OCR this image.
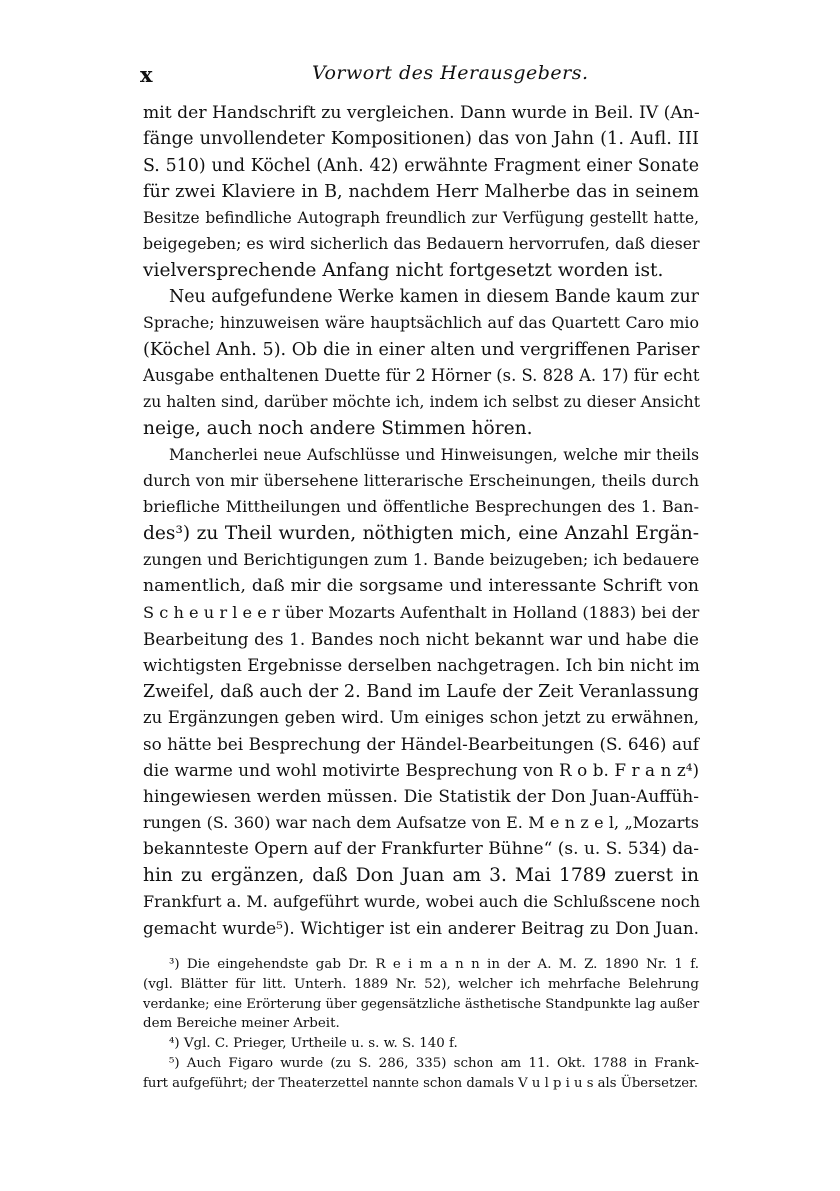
x	Vorwort des Herausgebers.
mit der Handschrift zu vergleichen. Dann wurde in Beil. IV (An-
fänge unvollendeter Kompositionen) das von Jahn (1. Aufl. III
S. 510) und Köchel (Anh. 42) erwähnte Fragment einer Sonate
für zwei Klaviere in B, nachdem Herr Malherbe das in seinem
Besitze befindliche Autograph freundlich zur Verfügung gestellt hatte,
beigegeben; es wird sicherlich das Bedauern hervorrufen, daß dieser
vielversprechende Anfang nicht fortgesetzt worden ist.
Neu aufgefundene Werke kamen in diesem Bande kaum zur
Sprache; hinzuweisen wäre hauptsächlich auf das Quartett Caro mio
(Köchel Anh. 5). Ob die in einer alten und vergriffenen Pariser
Ausgabe enthaltenen Duette für 2 Hörner (s. S. 828 A. 17) für echt
zu halten sind, darüber möchte ich, indem ich selbst zu dieser Ansicht
neige, auch noch andere Stimmen hören.
Mancherlei neue Aufschlüsse und Hinweisungen, welche mir theils
durch von mir übersehene litterarische Erscheinungen, theils durch
briefliche Mittheilungen und öffentliche Besprechungen des 1. Ban-
des³) zu Theil wurden, nöthigten mich, eine Anzahl Ergän-
zungen und Berichtigungen zum 1. Bande beizugeben; ich bedauere
namentlich, daß mir die sorgsame und interessante Schrift von
S c h e u r l e e r über Mozarts Aufenthalt in Holland (1883) bei der
Bearbeitung des 1. Bandes noch nicht bekannt war und habe die
wichtigsten Ergebnisse derselben nachgetragen. Ich bin nicht im
Zweifel, daß auch der 2. Band im Laufe der Zeit Veranlassung
zu Ergänzungen geben wird. Um einiges schon jetzt zu erwähnen,
so hätte bei Besprechung der Händel-Bearbeitungen (S. 646) auf
die warme und wohl motivirte Besprechung von R o b. F r a n z⁴)
hingewiesen werden müssen. Die Statistik der Don Juan-Auffüh-
rungen (S. 360) war nach dem Aufsatze von E. M e n z e l, „Mozarts
bekannteste Opern auf der Frankfurter Bühne“ (s. u. S. 534) da-
hin zu ergänzen, daß Don Juan am 3. Mai 1789 zuerst in
Frankfurt a. M. aufgeführt wurde, wobei auch die Schlußscene noch
gemacht wurde⁵). Wichtiger ist ein anderer Beitrag zu Don Juan.
³) Die eingehendste gab Dr. R e i m a n n in der A. M. Z. 1890 Nr. 1 f.
(vgl. Blätter für litt. Unterh. 1889 Nr. 52), welcher ich mehrfache Belehrung
verdanke; eine Erörterung über gegensätzliche ästhetische Standpunkte lag außer
dem Bereiche meiner Arbeit.
⁴) Vgl. C. Prieger, Urtheile u. s. w. S. 140 f.
⁵) Auch Figaro wurde (zu S. 286, 335) schon am 11. Okt. 1788 in Frank-
furt aufgeführt; der Theaterzettel nannte schon damals V u l p i u s als Übersetzer.
